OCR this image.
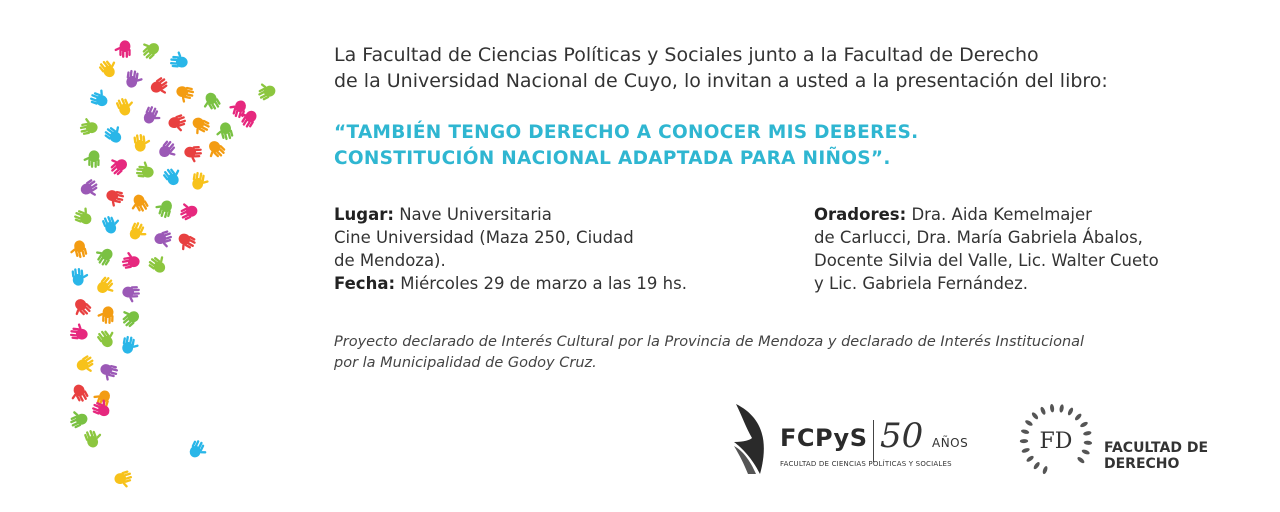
La Facultad de Ciencias Políticas y Sociales junto a la Facultad de Derecho
de la Universidad Nacional de Cuyo, lo invitan a usted a la presentación del libro:
“TAMBIÉN TENGO DERECHO A CONOCER MIS DEBERES.
CONSTITUCIÓN NACIONAL ADAPTADA PARA NIÑOS”.
Lugar: Nave Universitaria
Cine Universidad (Maza 250, Ciudad
de Mendoza).
Fecha: Miércoles 29 de marzo a las 19 hs.
Oradores: Dra. Aida Kemelmajer
de Carlucci, Dra. María Gabriela Ábalos,
Docente Silvia del Valle, Lic. Walter Cueto
y Lic. Gabriela Fernández.
Proyecto declarado de Interés Cultural por la Provincia de Mendoza y declarado de Interés Institucional
por la Municipalidad de Godoy Cruz.
FCPyS 50 AÑOS
FACULTAD DE CIENCIAS POLÍTICAS Y SOCIALES
FD FACULTAD DE
DERECHO
